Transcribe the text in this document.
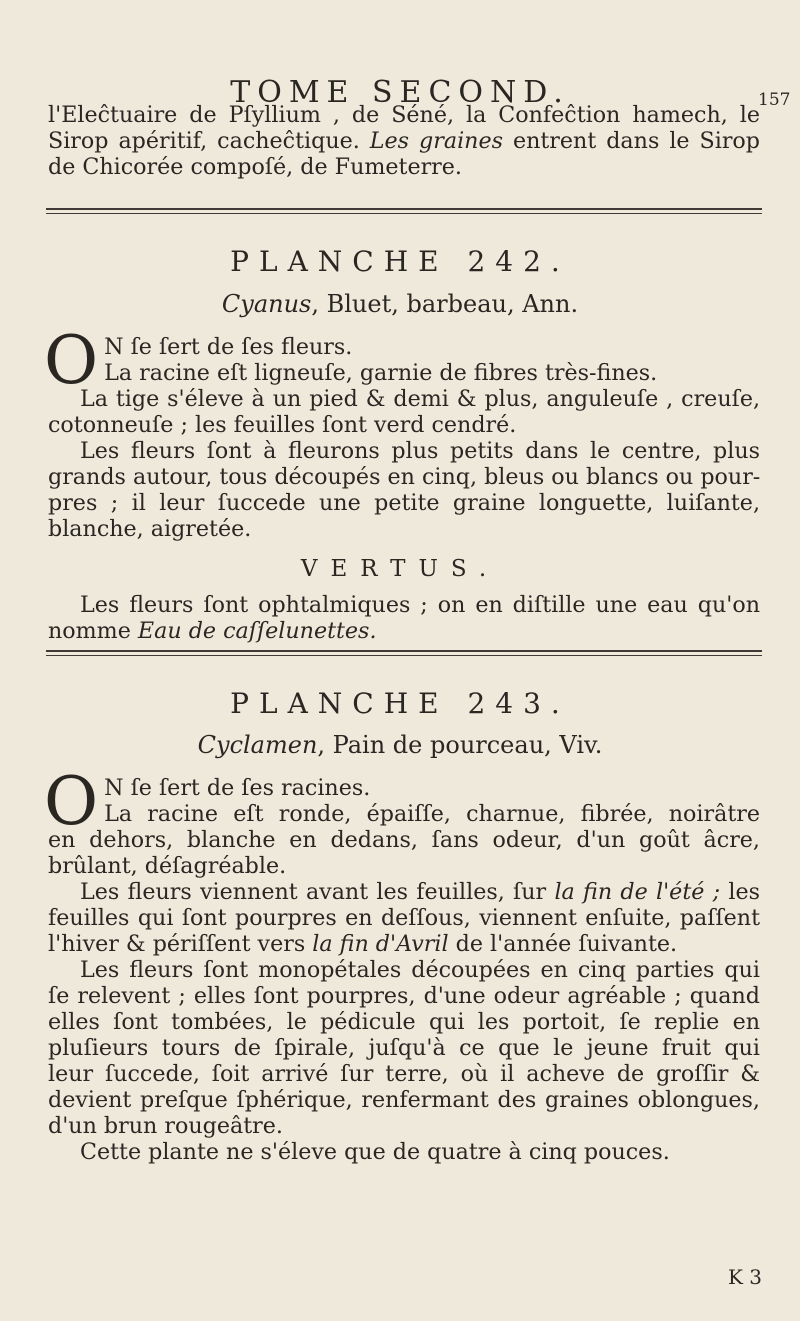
TOME SECOND.	157
l'Eleĉtuaire de Pſyllium , de Séné, la Confeĉtion hamech, le
Sirop apéritif, cacheĉtique. Les graines entrent dans le Sirop
de Chicorée compoſé, de Fumeterre.
PLANCHE 242.
Cyanus, Bluet, barbeau, Ann.
O N ſe ſert de ſes fleurs.
La racine eſt ligneuſe, garnie de fibres très-fines.
La tige s'éleve à un pied & demi & plus, anguleuſe , creuſe,
cotonneuſe ; les feuilles ſont verd cendré.
Les fleurs ſont à fleurons plus petits dans le centre, plus
grands autour, tous découpés en cinq, bleus ou blancs ou pour-
pres ; il leur ſuccede une petite graine longuette, luiſante,
blanche, aigretée.
VERTUS.
Les fleurs ſont ophtalmiques ; on en diſtille une eau qu'on
nomme Eau de caſſelunettes.
PLANCHE 243.
Cyclamen, Pain de pourceau, Viv.
O N ſe ſert de ſes racines.
La racine eſt ronde, épaiſſe, charnue, fibrée, noirâtre
en dehors, blanche en dedans, ſans odeur, d'un goût âcre,
brûlant, déſagréable.
Les fleurs viennent avant les feuilles, ſur la fin de l'été ; les
feuilles qui ſont pourpres en deſſous, viennent enſuite, paſſent
l'hiver & périſſent vers la fin d'Avril de l'année ſuivante.
Les fleurs ſont monopétales découpées en cinq parties qui
ſe relevent ; elles ſont pourpres, d'une odeur agréable ; quand
elles ſont tombées, le pédicule qui les portoit, ſe replie en
pluſieurs tours de ſpirale, juſqu'à ce que le jeune fruit qui
leur ſuccede, ſoit arrivé ſur terre, où il acheve de groſſir &
devient preſque ſphérique, renfermant des graines oblongues,
d'un brun rougeâtre.
Cette plante ne s'éleve que de quatre à cinq pouces.
K 3
